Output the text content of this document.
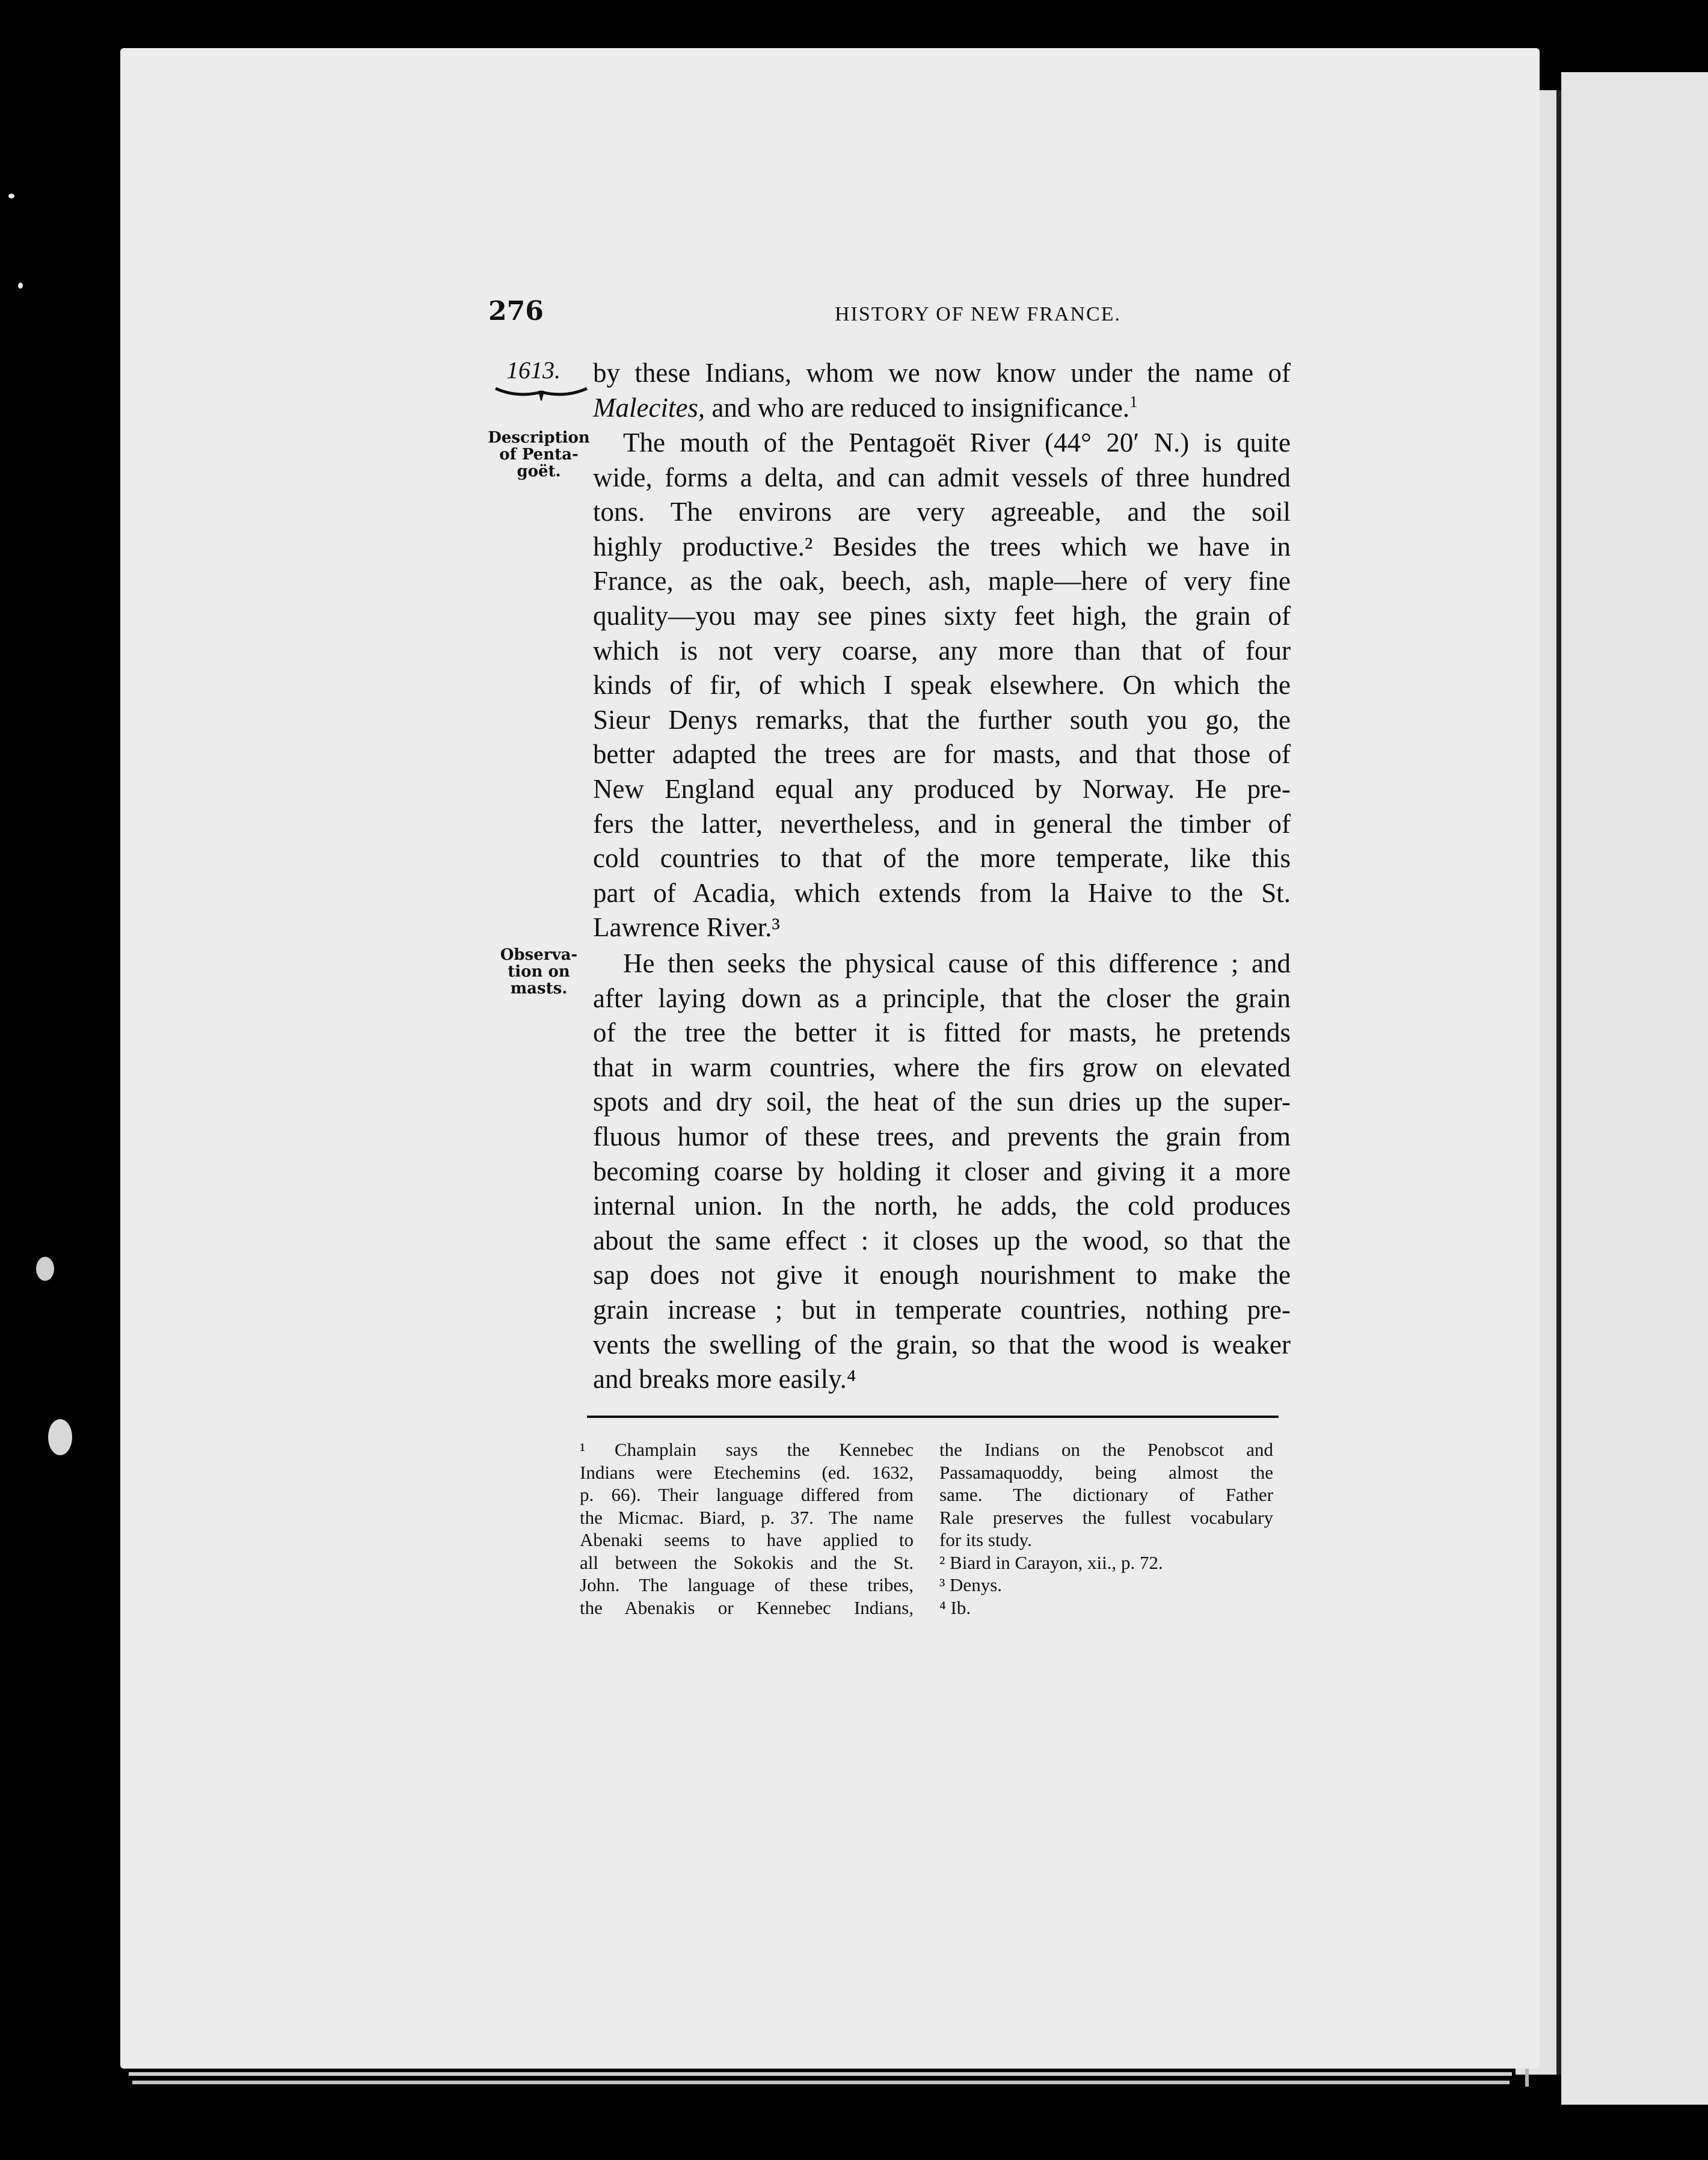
276	HISTORY OF NEW FRANCE.
1613.
Description
of Penta-
goët.
Observa-
tion on
masts.
by these Indians, whom we now know under the name of
Malecites, and who are reduced to insignificance.$^1$
The mouth of the Pentagoët River (44° 20′ N.) is quite
wide, forms a delta, and can admit vessels of three hundred
tons. The environs are very agreeable, and the soil
highly productive.² Besides the trees which we have in
France, as the oak, beech, ash, maple—here of very fine
quality—you may see pines sixty feet high, the grain of
which is not very coarse, any more than that of four
kinds of fir, of which I speak elsewhere. On which the
Sieur Denys remarks, that the further south you go, the
better adapted the trees are for masts, and that those of
New England equal any produced by Norway. He pre-
fers the latter, nevertheless, and in general the timber of
cold countries to that of the more temperate, like this
part of Acadia, which extends from la Haive to the St.
Lawrence River.³
He then seeks the physical cause of this difference ; and
after laying down as a principle, that the closer the grain
of the tree the better it is fitted for masts, he pretends
that in warm countries, where the firs grow on elevated
spots and dry soil, the heat of the sun dries up the super-
fluous humor of these trees, and prevents the grain from
becoming coarse by holding it closer and giving it a more
internal union. In the north, he adds, the cold produces
about the same effect : it closes up the wood, so that the
sap does not give it enough nourishment to make the
grain increase ; but in temperate countries, nothing pre-
vents the swelling of the grain, so that the wood is weaker
and breaks more easily.⁴
¹ Champlain says the Kennebec
Indians were Etechemins (ed. 1632,
p. 66). Their language differed from
the Micmac. Biard, p. 37. The name
Abenaki seems to have applied to
all between the Sokokis and the St.
John. The language of these tribes,
the Abenakis or Kennebec Indians,
the Indians on the Penobscot and
Passamaquoddy, being almost the
same. The dictionary of Father
Rale preserves the fullest vocabulary
for its study.
² Biard in Carayon, xii., p. 72.
³ Denys.
⁴ Ib.
